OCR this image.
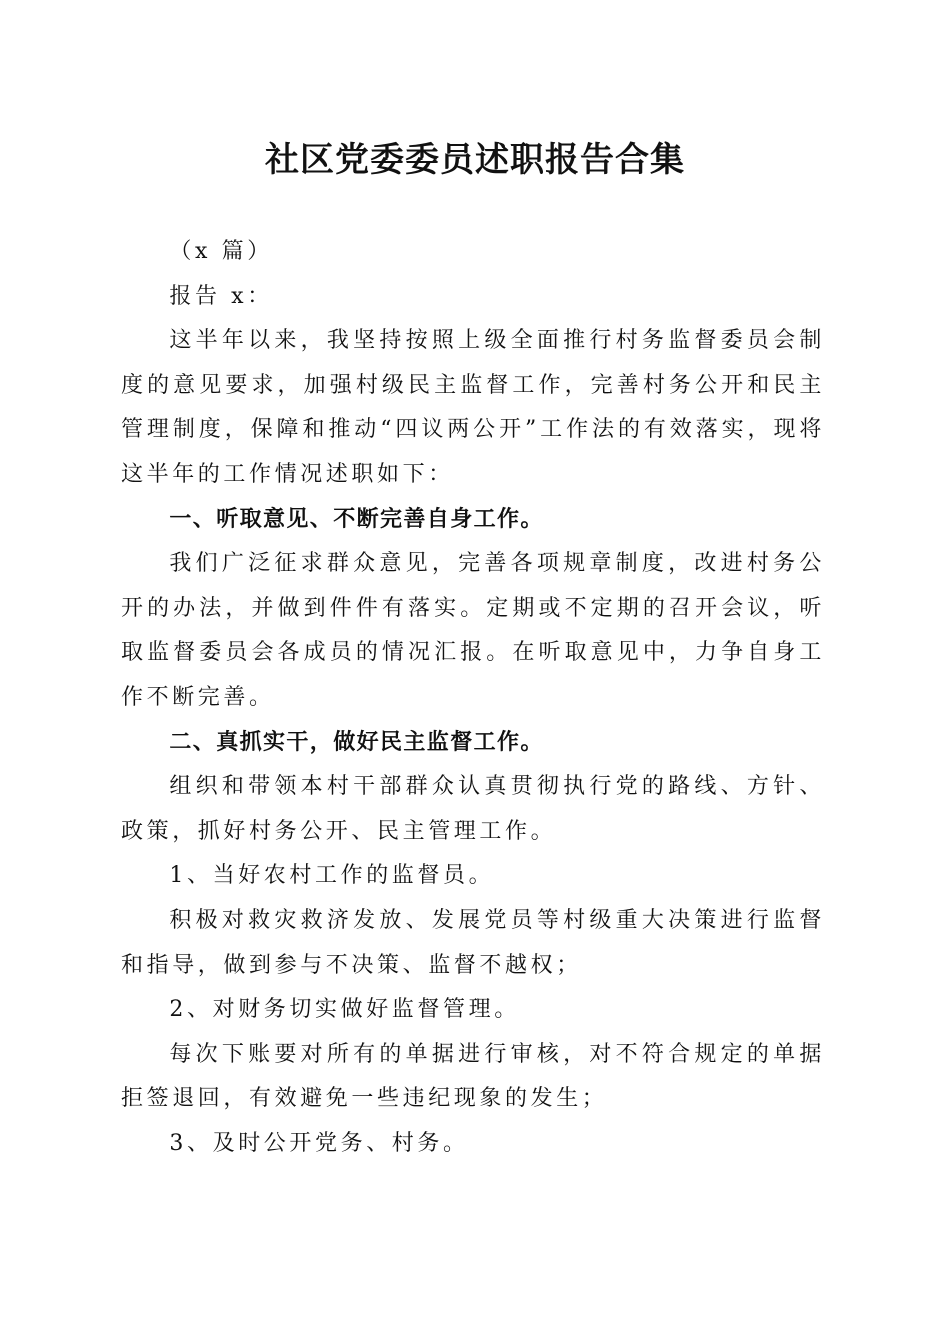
社区党委委员述职报告合集

（x 篇）

报告 x：

这半年以来，我坚持按照上级全面推行村务监督委员会制度的意见要求，加强村级民主监督工作，完善村务公开和民主管理制度，保障和推动“四议两公开”工作法的有效落实，现将这半年的工作情况述职如下：

一、听取意见、不断完善自身工作。

我们广泛征求群众意见，完善各项规章制度，改进村务公开的办法，并做到件件有落实。定期或不定期的召开会议，听取监督委员会各成员的情况汇报。在听取意见中，力争自身工作不断完善。

二、真抓实干，做好民主监督工作。

组织和带领本村干部群众认真贯彻执行党的路线、方针、政策，抓好村务公开、民主管理工作。

1、当好农村工作的监督员。

积极对救灾救济发放、发展党员等村级重大决策进行监督和指导，做到参与不决策、监督不越权；

2、对财务切实做好监督管理。

每次下账要对所有的单据进行审核，对不符合规定的单据拒签退回，有效避免一些违纪现象的发生；

3、及时公开党务、村务。
